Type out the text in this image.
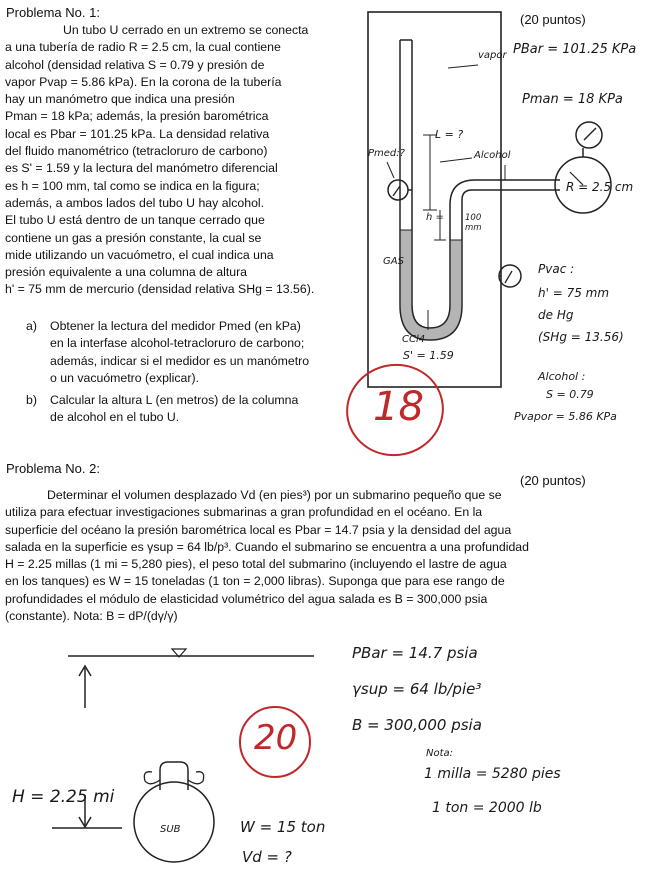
Problema No. 1:	(20 puntos)
Un tubo U cerrado en un extremo se conecta
a una tubería de radio R = 2.5 cm, la cual contiene
alcohol (densidad relativa S = 0.79 y presión de
vapor Pvap = 5.86 kPa). En la corona de la tubería
hay un manómetro que indica una presión
Pman = 18 kPa; además, la presión barométrica
local es Pbar = 101.25 kPa. La densidad relativa
del fluido manométrico (tetracloruro de carbono)
es S' = 1.59 y la lectura del manómetro diferencial
es h = 100 mm, tal como se indica en la figura;
además, a ambos lados del tubo U hay alcohol.
El tubo U está dentro de un tanque cerrado que
contiene un gas a presión constante, la cual se
mide utilizando un vacuómetro, el cual indica una
presión equivalente a una columna de altura
h' = 75 mm de mercurio (densidad relativa SHg = 13.56).
a) Obtener la lectura del medidor Pmed (en kPa)
en la interfase alcohol-tetracloruro de carbono;
además, indicar si el medidor es un manómetro
o un vacuómetro (explicar).
b) Calcular la altura L (en metros) de la columna
de alcohol en el tubo U.
PBar = 101.25 KPa
Pman = 18 KPa
vapor
L = ?
Alcohol
Pmed:?
h = 100 mm
GAS
CCl4
S' = 1.59
R = 2.5 cm
Pvac :
h' = 75 mm
de Hg
(SHg = 13.56)
Alcohol :
S = 0.79
Pvapor = 5.86 KPa
18
Problema No. 2:
(20 puntos)
Determinar el volumen desplazado Vd (en pies³) por un submarino pequeño que se
utiliza para efectuar investigaciones submarinas a gran profundidad en el océano. En la
superficie del océano la presión barométrica local es Pbar = 14.7 psia y la densidad del agua
salada en la superficie es γsup = 64 lb/p³. Cuando el submarino se encuentra a una profundidad
H = 2.25 millas (1 mi = 5,280 pies), el peso total del submarino (incluyendo el lastre de agua
en los tanques) es W = 15 toneladas (1 ton = 2,000 libras). Suponga que para ese rango de
profundidades el módulo de elasticidad volumétrico del agua salada es B = 300,000 psia
(constante). Nota: B = dP/(dγ/γ)
PBar = 14.7 psia
γsup = 64 lb/pie³
B = 300,000 psia
Nota:
1 milla = 5280 pies
1 ton = 2000 lb
H = 2.25 mi
SUB	W = 15 ton
Vd = ?
20
